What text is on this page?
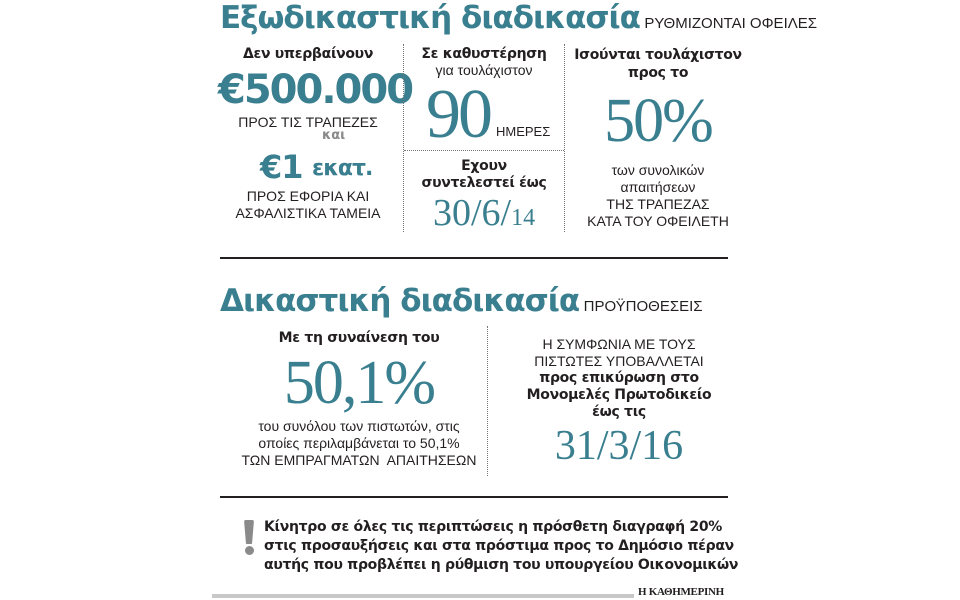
Εξωδικαστική διαδικασία ΡΥΘΜΙΖΟΝΤΑΙ ΟΦΕΙΛΕΣ
Δεν υπερβαίνουν
€500.000
ΠΡΟΣ ΤΙΣ ΤΡΑΠΕΖΕΣ
και
€1 εκατ.
ΠΡΟΣ ΕΦΟΡΙΑ ΚΑΙ
ΑΣΦΑΛΙΣΤΙΚΑ ΤΑΜΕΙΑ
Σε καθυστέρηση
για τουλάχιστον
90 ΗΜΕΡΕΣ
Εχουν
συντελεστεί έως
30/6/14
Ισούνται τουλάχιστον
προς το
50%
των συνολικών
απαιτήσεων
ΤΗΣ ΤΡΑΠΕΖΑΣ
ΚΑΤΑ ΤΟΥ ΟΦΕΙΛΕΤΗ
Δικαστική διαδικασία ΠΡΟΫΠΟΘΕΣΕΙΣ
Με τη συναίνεση του
50,1%
του συνόλου των πιστωτών, στις
οποίες περιλαμβάνεται το 50,1%
ΤΩΝ ΕΜΠΡΑΓΜΑΤΩΝ  ΑΠΑΙΤΗΣΕΩΝ
Η ΣΥΜΦΩΝΙΑ ΜΕ ΤΟΥΣ
ΠΙΣΤΩΤΕΣ ΥΠΟΒΑΛΛΕΤΑΙ
προς επικύρωση στο
Μονομελές Πρωτοδικείο
έως τις
31/3/16
Κίνητρο σε όλες τις περιπτώσεις η πρόσθετη διαγραφή 20%
στις προσαυξήσεις και στα πρόστιμα προς το Δημόσιο πέραν
αυτής που προβλέπει η ρύθμιση του υπουργείου Οικονομικών
Η ΚΑΘΗΜΕΡΙΝΗ
